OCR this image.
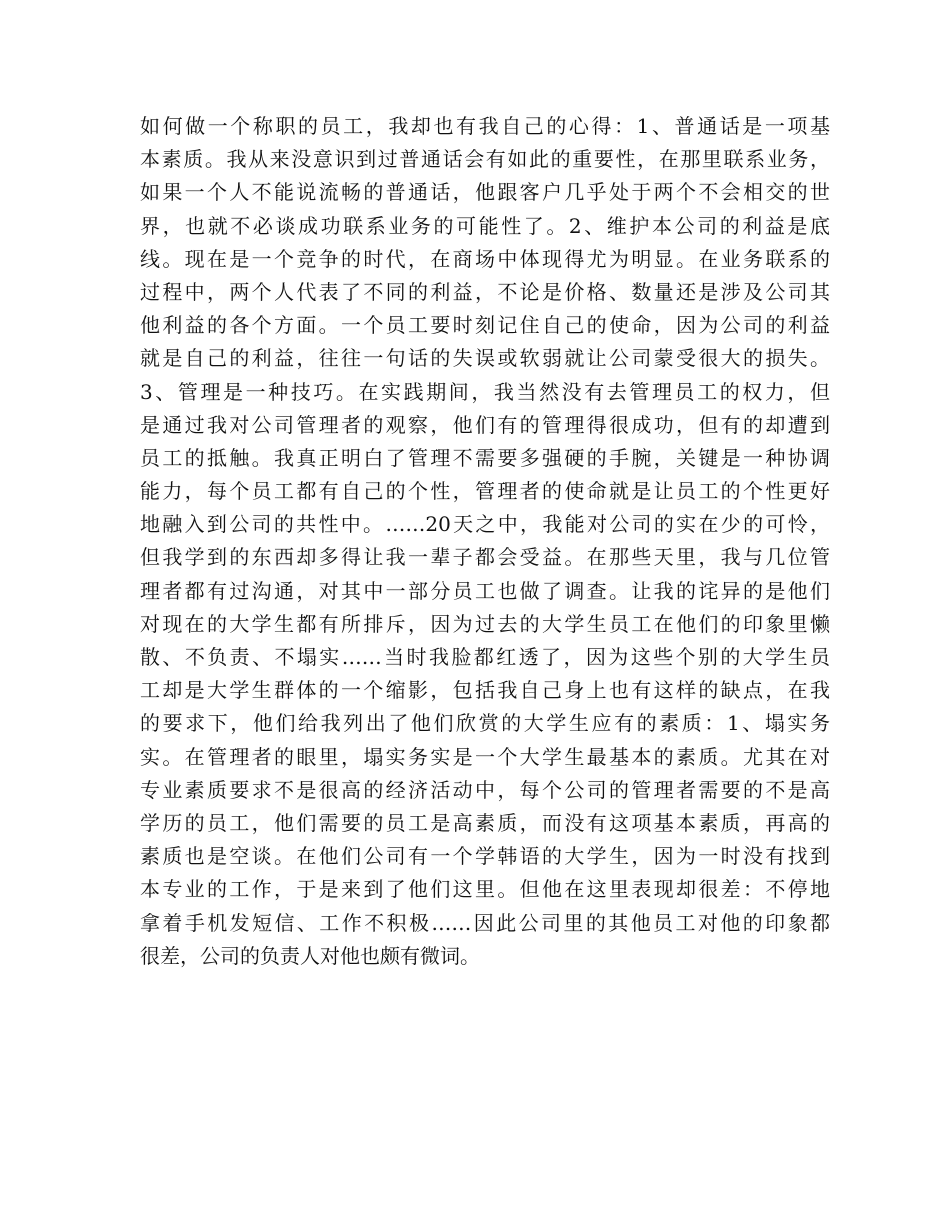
如何做一个称职的员工，我却也有我自己的心得：1、普通话是一项基
本素质。我从来没意识到过普通话会有如此的重要性，在那里联系业务，
如果一个人不能说流畅的普通话，他跟客户几乎处于两个不会相交的世
界，也就不必谈成功联系业务的可能性了。2、维护本公司的利益是底
线。现在是一个竞争的时代，在商场中体现得尤为明显。在业务联系的
过程中，两个人代表了不同的利益，不论是价格、数量还是涉及公司其
他利益的各个方面。一个员工要时刻记住自己的使命，因为公司的利益
就是自己的利益，往往一句话的失误或软弱就让公司蒙受很大的损失。
3、管理是一种技巧。在实践期间，我当然没有去管理员工的权力，但
是通过我对公司管理者的观察，他们有的管理得很成功，但有的却遭到
员工的抵触。我真正明白了管理不需要多强硬的手腕，关键是一种协调
能力，每个员工都有自己的个性，管理者的使命就是让员工的个性更好
地融入到公司的共性中。……20天之中，我能对公司的实在少的可怜，
但我学到的东西却多得让我一辈子都会受益。在那些天里，我与几位管
理者都有过沟通，对其中一部分员工也做了调查。让我的诧异的是他们
对现在的大学生都有所排斥，因为过去的大学生员工在他们的印象里懒
散、不负责、不塌实……当时我脸都红透了，因为这些个别的大学生员
工却是大学生群体的一个缩影，包括我自己身上也有这样的缺点，在我
的要求下，他们给我列出了他们欣赏的大学生应有的素质：1、塌实务
实。在管理者的眼里，塌实务实是一个大学生最基本的素质。尤其在对
专业素质要求不是很高的经济活动中，每个公司的管理者需要的不是高
学历的员工，他们需要的员工是高素质，而没有这项基本素质，再高的
素质也是空谈。在他们公司有一个学韩语的大学生，因为一时没有找到
本专业的工作，于是来到了他们这里。但他在这里表现却很差：不停地
拿着手机发短信、工作不积极……因此公司里的其他员工对他的印象都
很差，公司的负责人对他也颇有微词。
